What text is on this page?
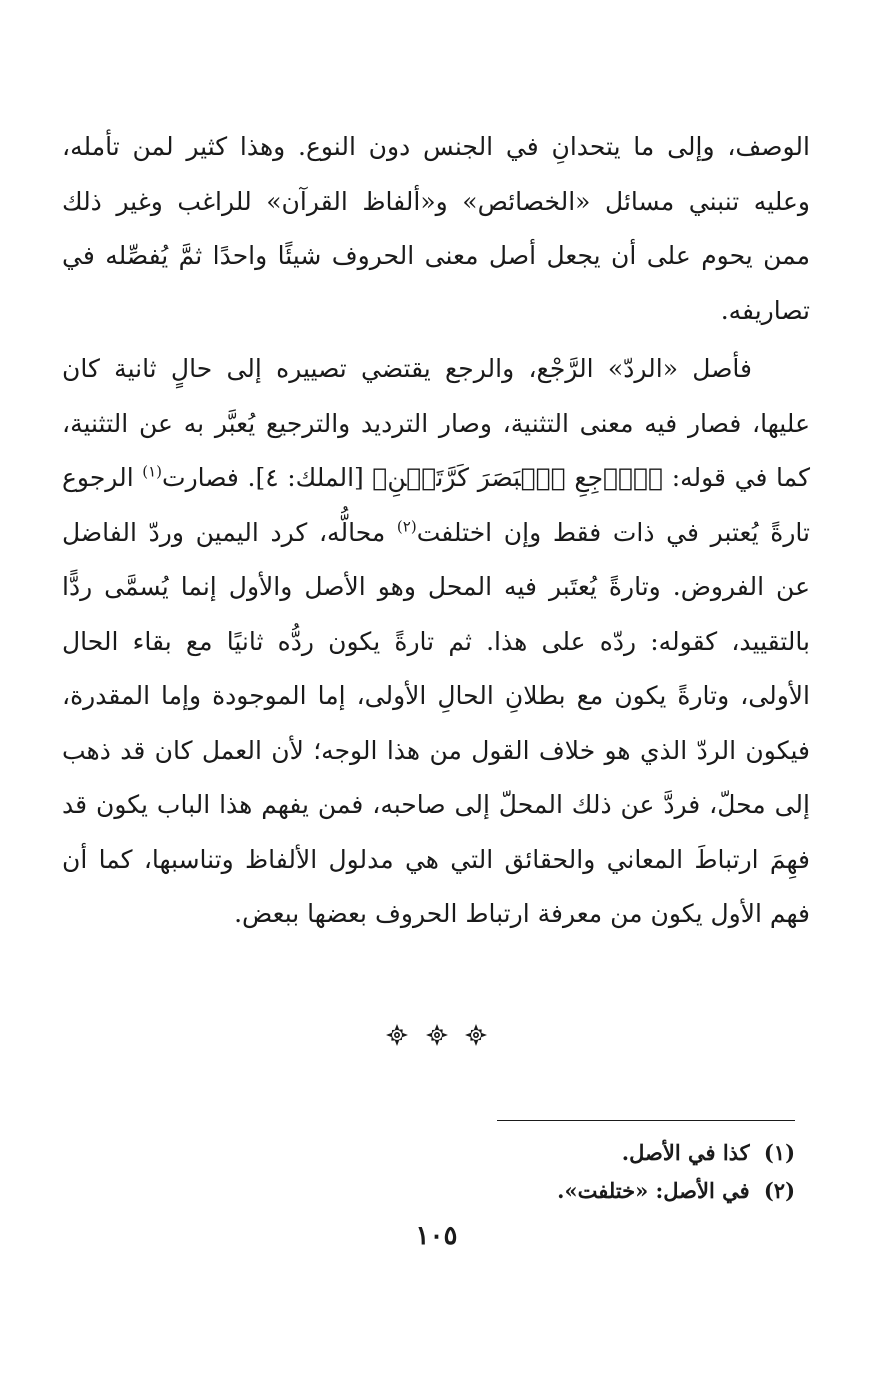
الوصف، وإلى ما يتحدانِ في الجنس دون النوع. وهذا كثير لمن تأمله، وعليه تنبني مسائل «الخصائص» و«ألفاظ القرآن» للراغب وغير ذلك ممن يحوم على أن يجعل أصل معنى الحروف شيئًا واحدًا ثمَّ يُفصِّله في تصاريفه.

فأصل «الردّ» الرَّجْع، والرجع يقتضي تصييره إلى حالٍ ثانية كان عليها، فصار فيه معنى التثنية، وصار الترديد والترجيع يُعبَّر به عن التثنية، كما في قوله: ﴿ٱرۡجِعِ ٱلۡبَصَرَ كَرَّتَيۡنِ﴾ [الملك: ٤]. فصارت$^{(١)}$ الرجوع تارةً يُعتبر في ذات فقط وإن اختلفت$^{(٢)}$ محالُّه، كرد اليمين وردّ الفاضل عن الفروض. وتارةً يُعتَبر فيه المحل وهو الأصل والأول إنما يُسمَّى ردًّا بالتقييد، كقوله: ردّه على هذا. ثم تارةً يكون ردُّه ثانيًا مع بقاء الحال الأولى، وتارةً يكون مع بطلانِ الحالِ الأولى، إما الموجودة وإما المقدرة، فيكون الردّ الذي هو خلاف القول من هذا الوجه؛ لأن العمل كان قد ذهب إلى محلّ، فردَّ عن ذلك المحلّ إلى صاحبه، فمن يفهم هذا الباب يكون قد فهِمَ ارتباطَ المعاني والحقائق التي هي مدلول الألفاظ وتناسبها، كما أن فهم الأول يكون من معرفة ارتباط الحروف بعضها ببعض.

(١) كذا في الأصل.

(٢) في الأصل: «ختلفت».

١٠٥
